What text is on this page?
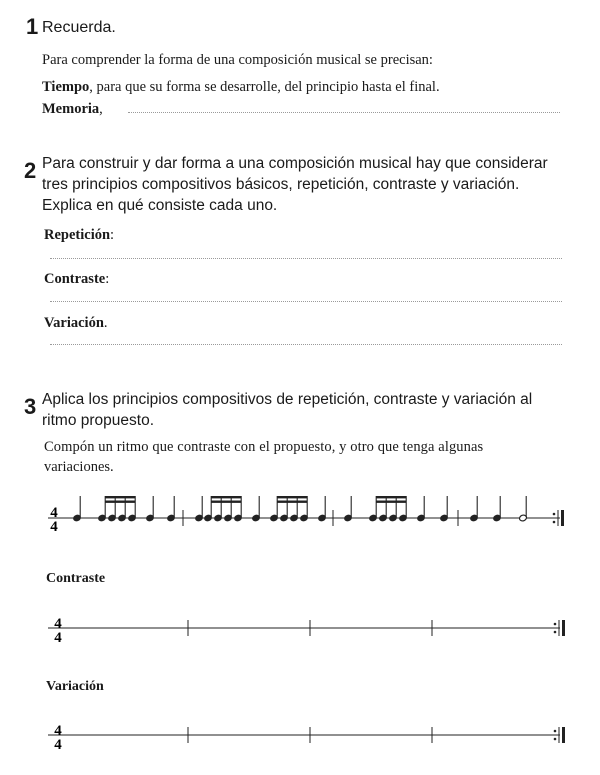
1 Recuerda.
Para comprender la forma de una composición musical se precisan:
Tiempo, para que su forma se desarrolle, del principio hasta el final.
Memoria,
2 Para construir y dar forma a una composición musical hay que considerar
tres principios compositivos básicos, repetición, contraste y variación.
Explica en qué consiste cada uno.
Repetición:
Contraste:
Variación.
3 Aplica los principios compositivos de repetición, contraste y variación al
ritmo propuesto.
Compón un ritmo que contraste con el propuesto, y otro que tenga algunas
variaciones.
4
4
4
4
4
4
Contraste
Variación
